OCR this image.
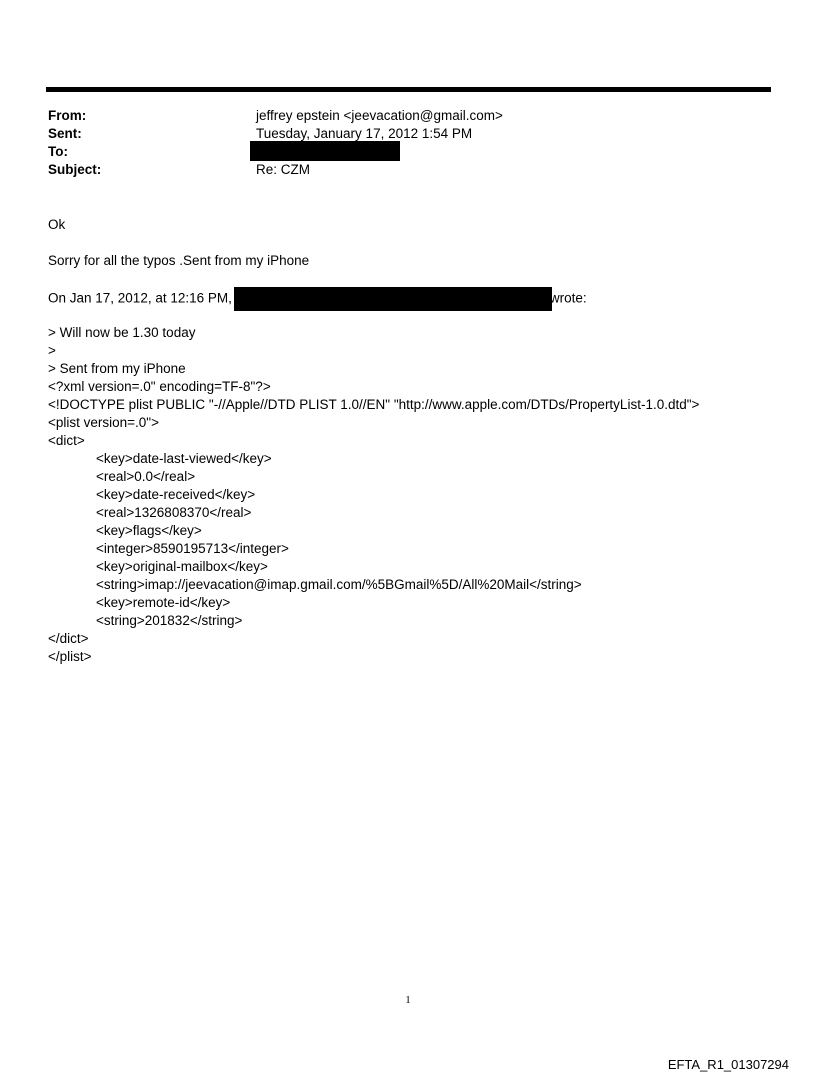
From:	jeffrey epstein <jeevacation@gmail.com>
Sent:	Tuesday, January 17, 2012 1:54 PM
To:
Subject:	Re: CZM
Ok
Sorry for all the typos .Sent from my iPhone
On Jan 17, 2012, at 12:16 PM,	wrote:
> Will now be 1.30 today
>
> Sent from my iPhone
<?xml version=.0" encoding=TF-8"?>
<!DOCTYPE plist PUBLIC "-//Apple//DTD PLIST 1.0//EN" "http://www.apple.com/DTDs/PropertyList-1.0.dtd">
<plist version=.0">
<dict>
<key>date-last-viewed</key>
<real>0.0</real>
<key>date-received</key>
<real>1326808370</real>
<key>flags</key>
<integer>8590195713</integer>
<key>original-mailbox</key>
<string>imap://jeevacation@imap.gmail.com/%5BGmail%5D/All%20Mail</string>
<key>remote-id</key>
<string>201832</string>
</dict>
</plist>
1
EFTA_R1_01307294
